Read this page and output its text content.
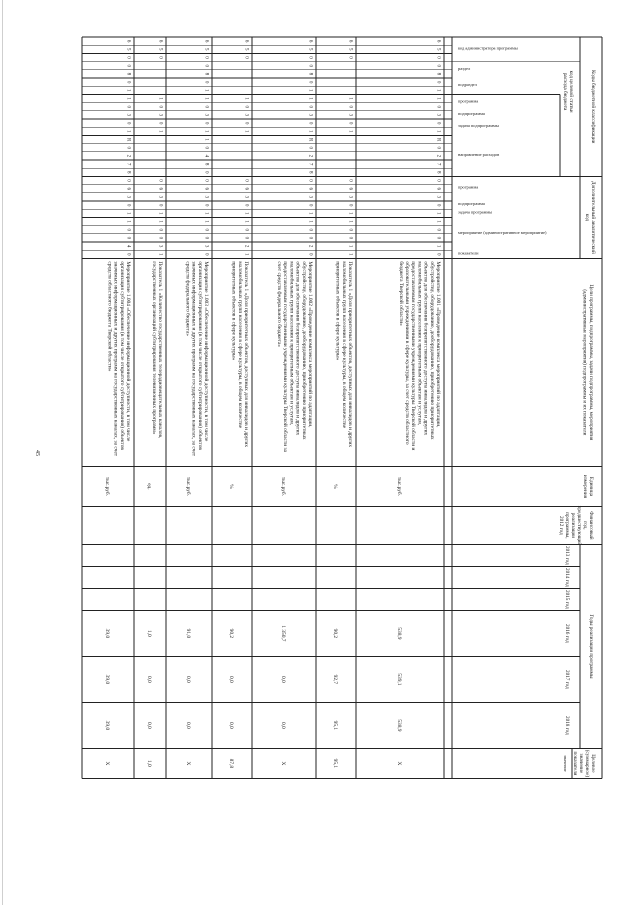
45
Коды бюджетной классификации
код целевой статьи
расхода бюджета
Дополнительный аналитический
код
код администратора программы
раздел
подраздел
программа
подпрограмма
задача подпрограммы
направление расходов
программа
подпрограмма
задача программы
мероприятие (административное мероприятие)
показатели
Цели программы, подпрограммы, задачи подпрограммы, мероприятия
(административные мероприятия) подпрограммы и их показатели
Единица
измерения
Финансовый
год,
предшествующий
реализации
программы,
2012 год
Годы реализации программы
2013 год
2014 год
2015 год
2016 год
2017 год
2018 год
Целевое
(суммарное)
значение
показателя
значение
6
5
0
0
8
0
1
1
0
3
0
1
R
0
2
7
8
0
6
3
0
1
1
0
0
1
0
Мероприятие 1.001 «Проведение комплекса мероприятий по адаптации,
обустройству, оборудованию, дооборудованию, приобретению приоритетных
объектов для обеспечения безпрепятственного доступа инвалидов и других
маломобильных групп населения к приоритетным объектам и услугам,
предоставляемым государственными учреждениями культуры Тверской области и
образовательными учреждениями в сфере культуры, за счет средств областного
бюджета Тверской области»
тыс.руб.
538,9
539,1
538,9
X
6
5
0
1
0
3
0
1
0
6
3
0
1
1
0
0
1
1
Показатель 1 «Доля приоритетных объектов, доступных для инвалидов и других
маломобильных групп населения в сфере культуры, в общем количестве
приоритетных объектов в сфере культуры»
%
90,2
92,7
95,1
95,1
6
5
0
0
8
0
1
1
0
3
0
1
R
0
2
7
8
0
6
3
0
1
1
0
0
2
0
Мероприятие 1.002 «Проведение комплекса мероприятий по адаптации,
обустройству, оборудованию, дооборудованию, приобретению приоритетных
объектов для обеспечения безпрепятственного доступа инвалидов и других
маломобильных групп населения к приоритетным объектам и услугам,
предоставляемым государственными учреждениями культуры Тверской области за
счет средств федерального бюджета»
тыс.руб.
1 350,7
0,0
0,0
X
6
5
0
1
0
3
0
1
0
6
3
0
1
1
0
0
2
1
Показатель 1 «Доля приоритетных объектов, доступных для инвалидов и других
маломобильных групп населения в сфере культуры, в общем количестве
приоритетных объектов в сфере культуры»
%
90,2
0,0
0,0
87,8
6
5
0
0
8
0
1
1
0
3
0
1
1
0
4
8
0
0
6
3
0
1
1
0
0
3
0
Мероприятие 1.003 «Обеспечение информационной доступности, в том числе
организация субтитрирования (в том числе открытого субтитрирования) объектов
значимых информационных и других программ на государственных каналах, за счет
средств федерального бюджета»
тыс.руб.
91,0
0,0
0,0
X
6
5
0
1
0
3
0
1
0
6
3
0
1
1
0
0
3
1
Показатель 1 «Количество государственных телерадиовещательных каналов,
государственных организаций субтитрирования телевизионных программ»
ед.
1,0
0,0
0,0
1,0
6
5
0
0
8
0
1
1
0
3
0
1
R
0
2
7
8
0
6
3
0
1
1
0
0
4
0
Мероприятие 1.004 «Обеспечение информационной доступности, в том числе
организация субтитрирования (в том числе открытого субтитрирования) объектов
значимых информационных и других программ на государственных каналах, за счет
средств областного бюджета Тверской области»
тыс.руб.
39,0
39,0
39,0
X
